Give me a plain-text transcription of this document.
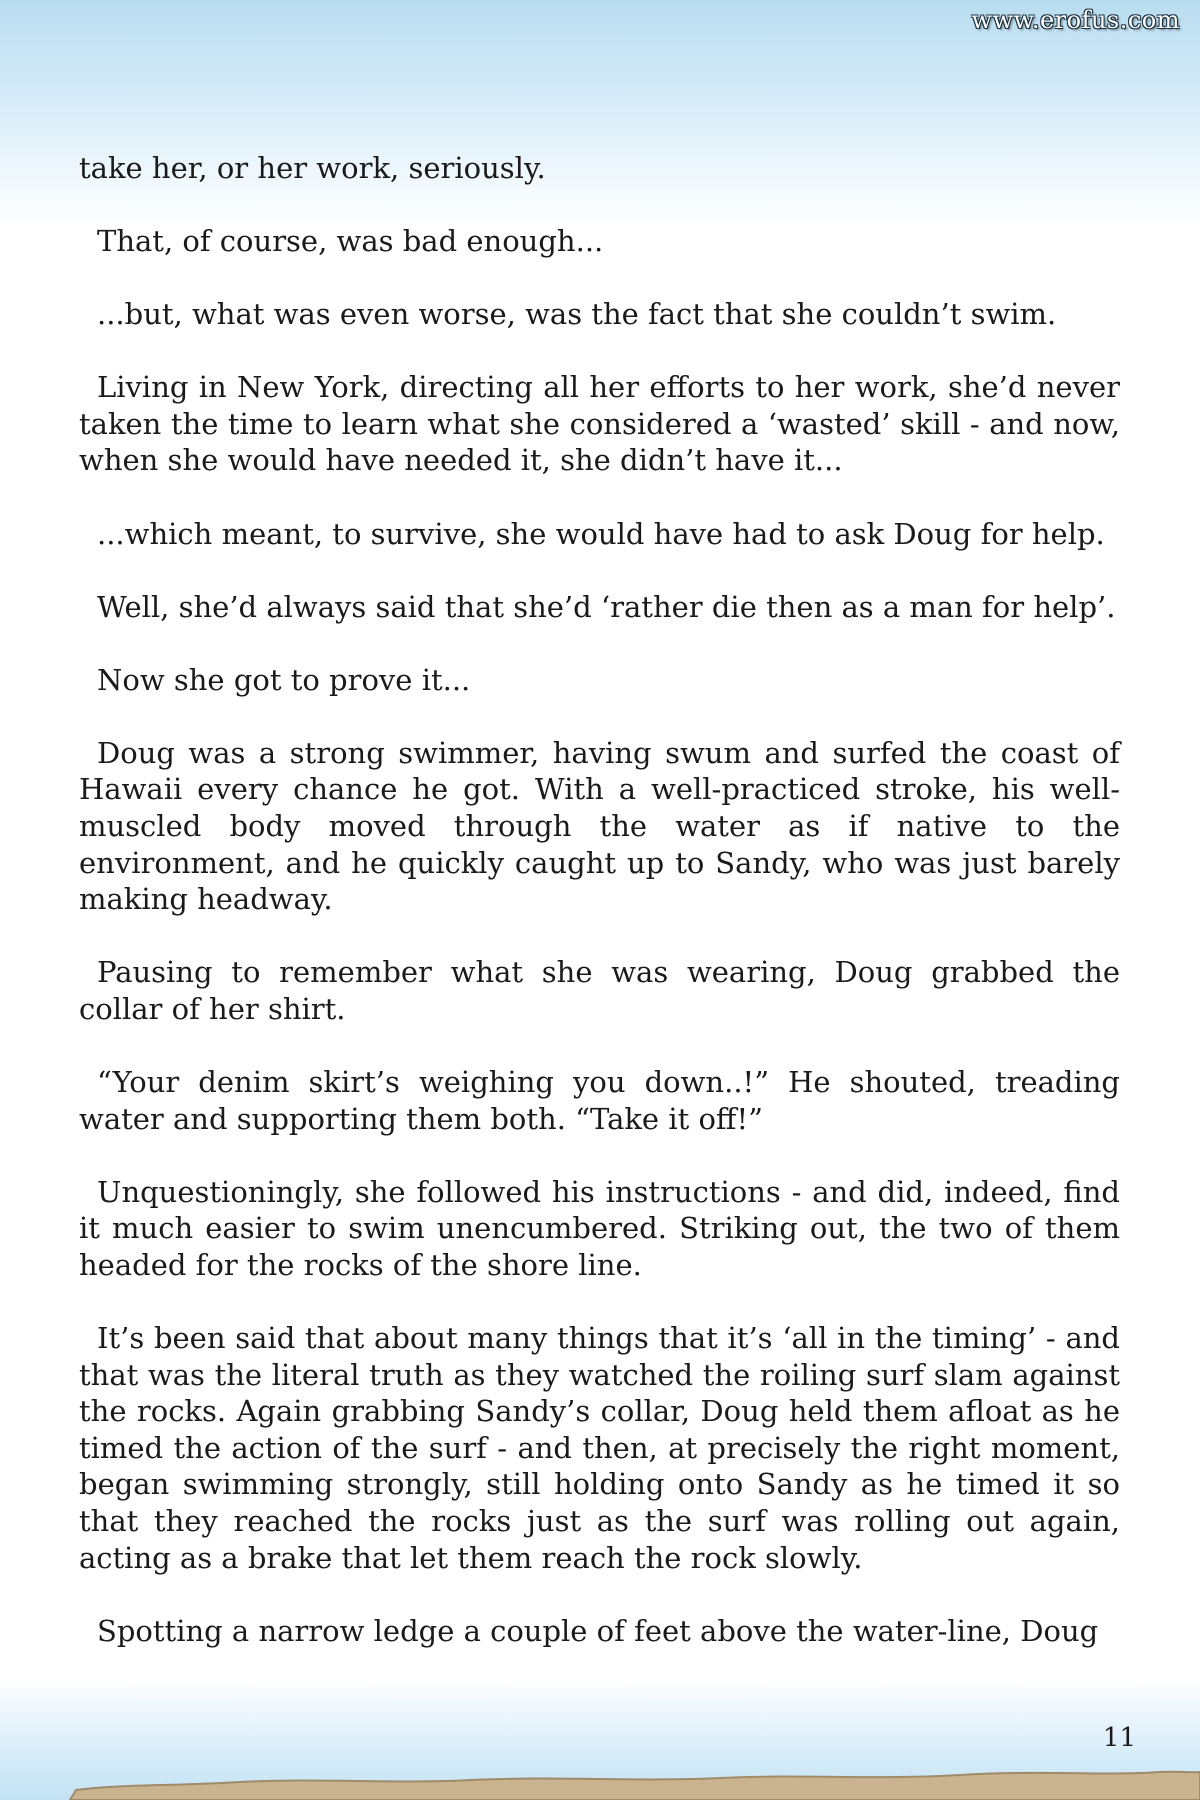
www.erofus.com

take her, or her work, seriously.

That, of course, was bad enough...

...but, what was even worse, was the fact that she couldn’t swim.

Living in New York, directing all her efforts to her work, she’d never taken the time to learn what she considered a ‘wasted’ skill - and now, when she would have needed it, she didn’t have it...

...which meant, to survive, she would have had to ask Doug for help.

Well, she’d always said that she’d ‘rather die then as a man for help’.

Now she got to prove it...

Doug was a strong swimmer, having swum and surfed the coast of Hawaii every chance he got. With a well-practiced stroke, his well-muscled body moved through the water as if native to the environment, and he quickly caught up to Sandy, who was just barely making headway.

Pausing to remember what she was wearing, Doug grabbed the collar of her shirt.

“Your denim skirt’s weighing you down..!” He shouted, treading water and supporting them both. “Take it off!”

Unquestioningly, she followed his instructions - and did, indeed, find it much easier to swim unencumbered. Striking out, the two of them headed for the rocks of the shore line.

It’s been said that about many things that it’s ‘all in the timing’ - and that was the literal truth as they watched the roiling surf slam against the rocks. Again grabbing Sandy’s collar, Doug held them afloat as he timed the action of the surf - and then, at precisely the right moment, began swimming strongly, still holding onto Sandy as he timed it so that they reached the rocks just as the surf was rolling out again, acting as a brake that let them reach the rock slowly.

Spotting a narrow ledge a couple of feet above the water-line, Doug

11
